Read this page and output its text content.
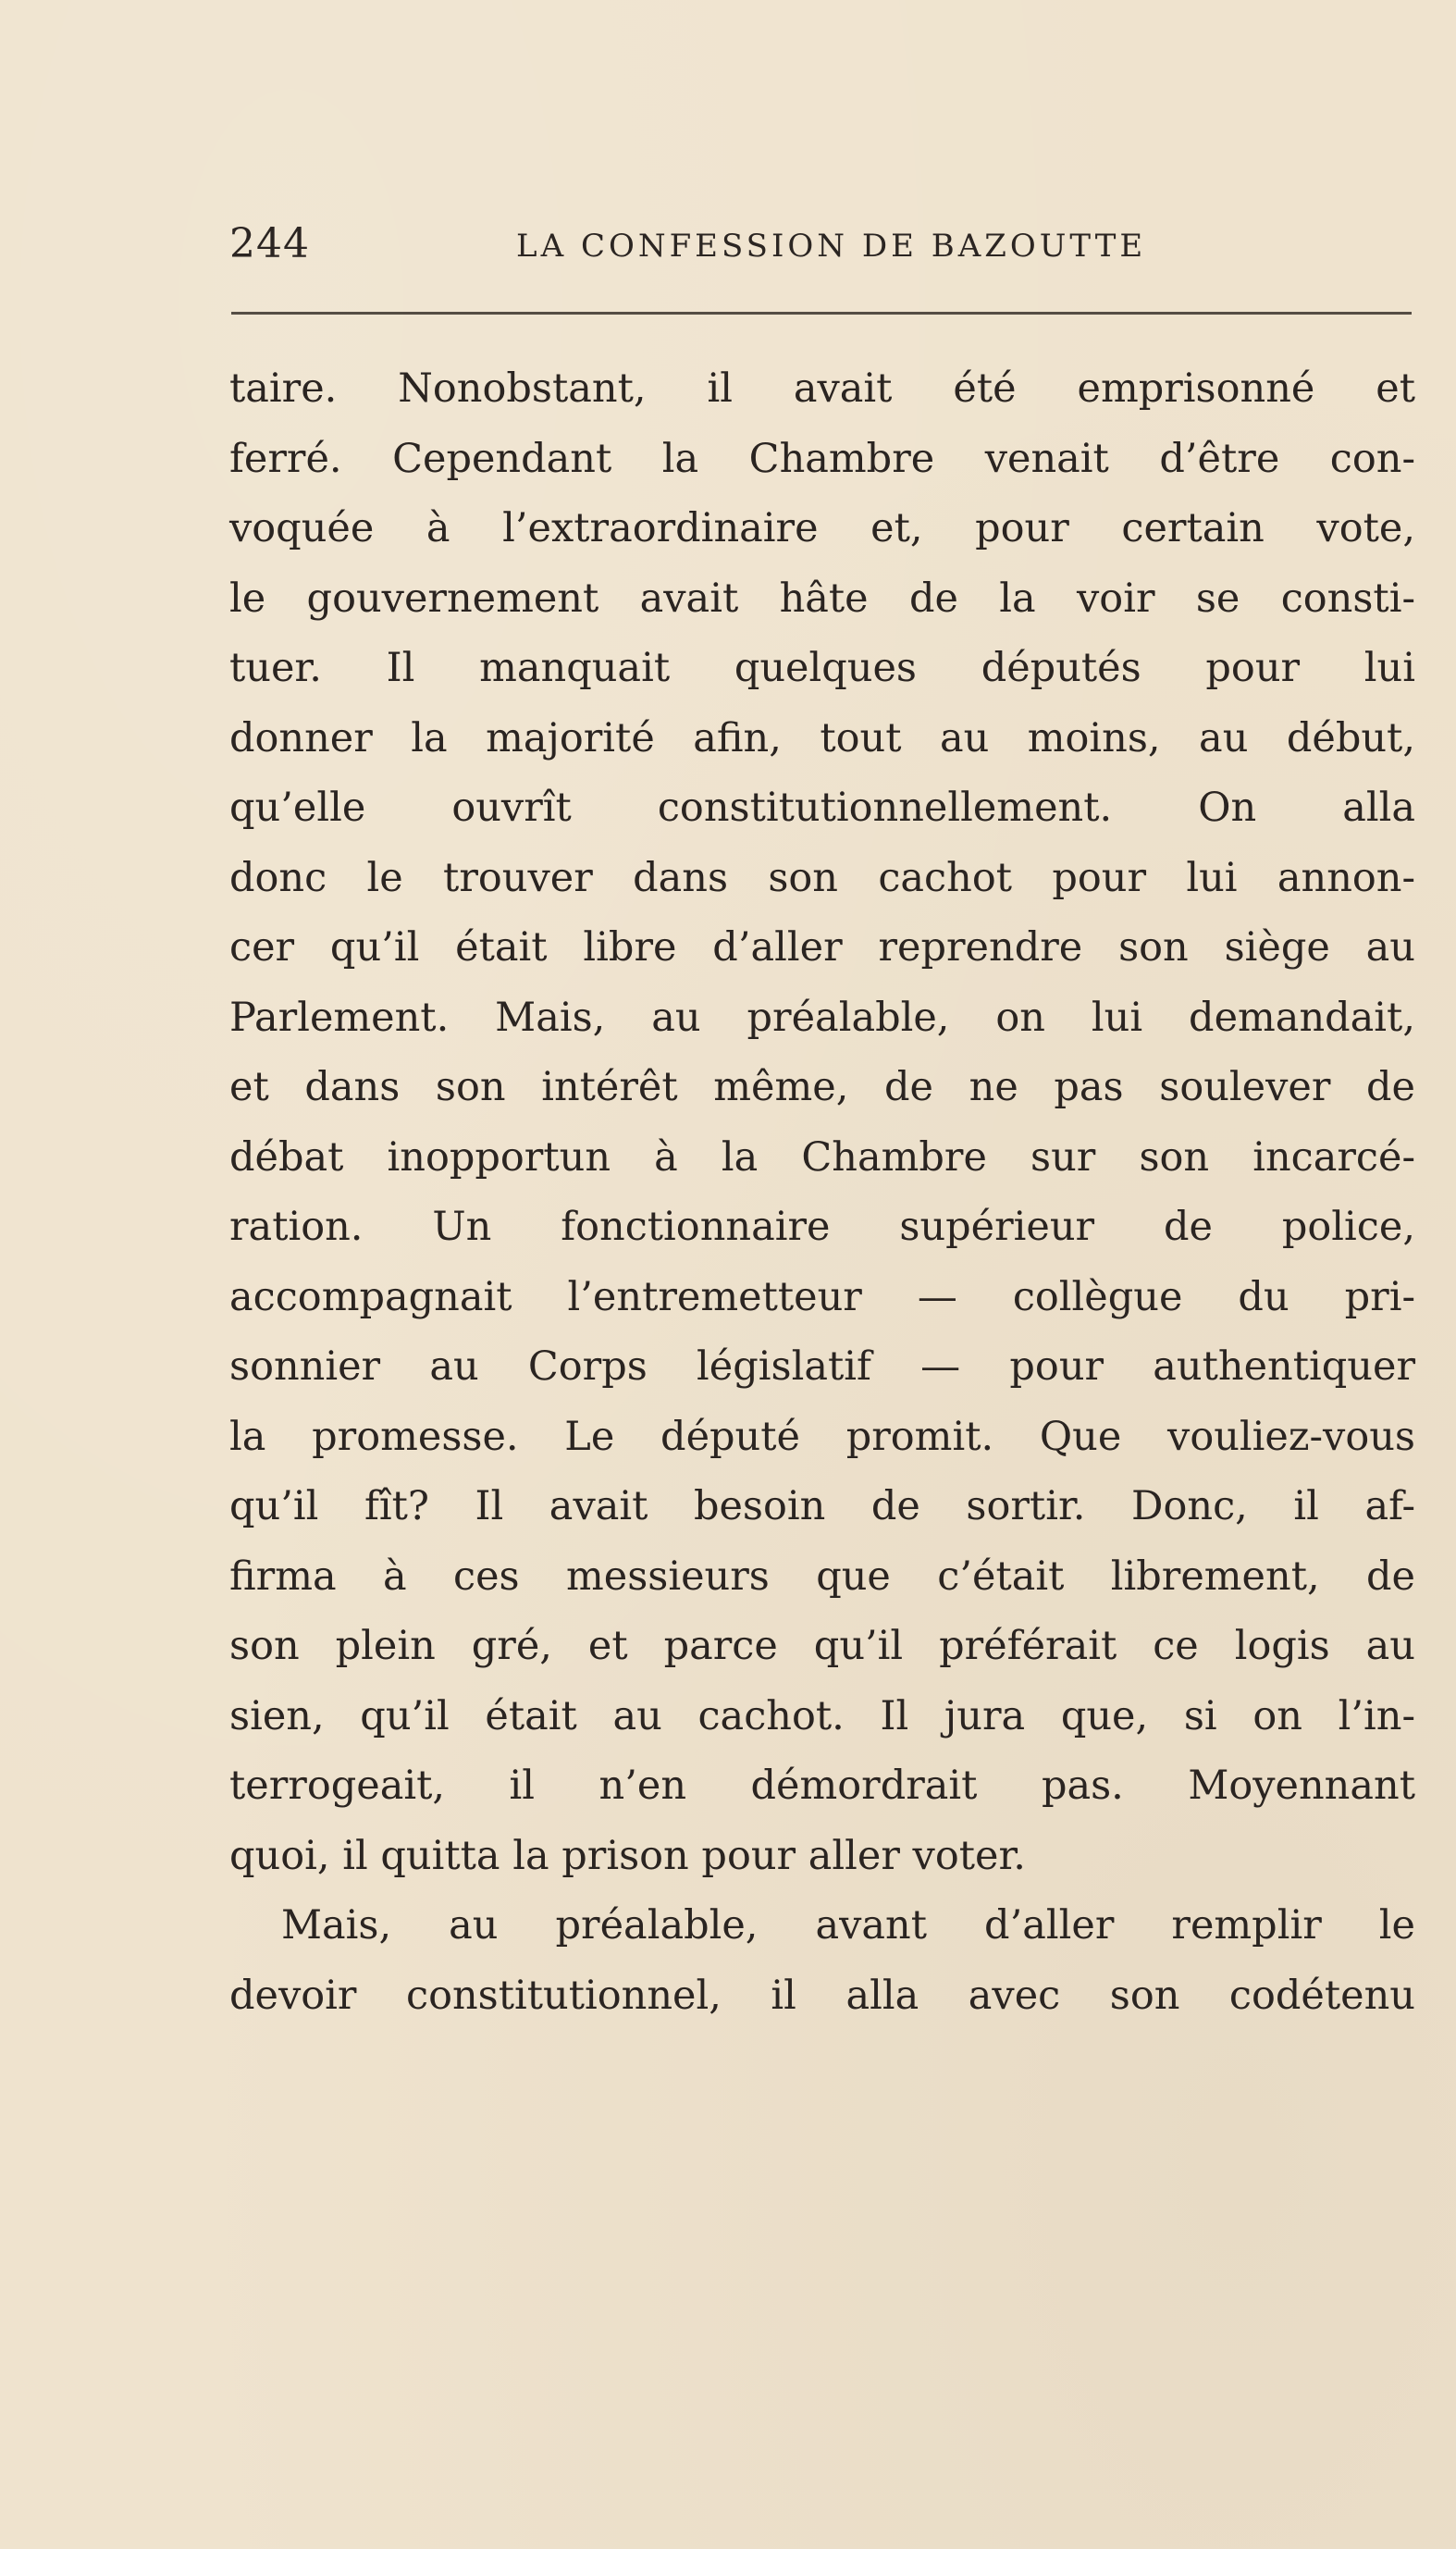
244	LA CONFESSION DE BAZOUTTE
taire. Nonobstant, il avait été emprisonné et
ferré. Cependant la Chambre venait d’être con-
voquée à l’extraordinaire et, pour certain vote,
le gouvernement avait hâte de la voir se consti-
tuer. Il manquait quelques députés pour lui
donner la majorité afin, tout au moins, au début,
qu’elle ouvrît constitutionnellement. On alla
donc le trouver dans son cachot pour lui annon-
cer qu’il était libre d’aller reprendre son siège au
Parlement. Mais, au préalable, on lui demandait,
et dans son intérêt même, de ne pas soulever de
débat inopportun à la Chambre sur son incarcé-
ration. Un fonctionnaire supérieur de police,
accompagnait l’entremetteur — collègue du pri-
sonnier au Corps législatif — pour authentiquer
la promesse. Le député promit. Que vouliez-vous
qu’il fît? Il avait besoin de sortir. Donc, il af-
firma à ces messieurs que c’était librement, de
son plein gré, et parce qu’il préférait ce logis au
sien, qu’il était au cachot. Il jura que, si on l’in-
terrogeait, il n’en démordrait pas. Moyennant
quoi, il quitta la prison pour aller voter.
Mais, au préalable, avant d’aller remplir le
devoir constitutionnel, il alla avec son codétenu
